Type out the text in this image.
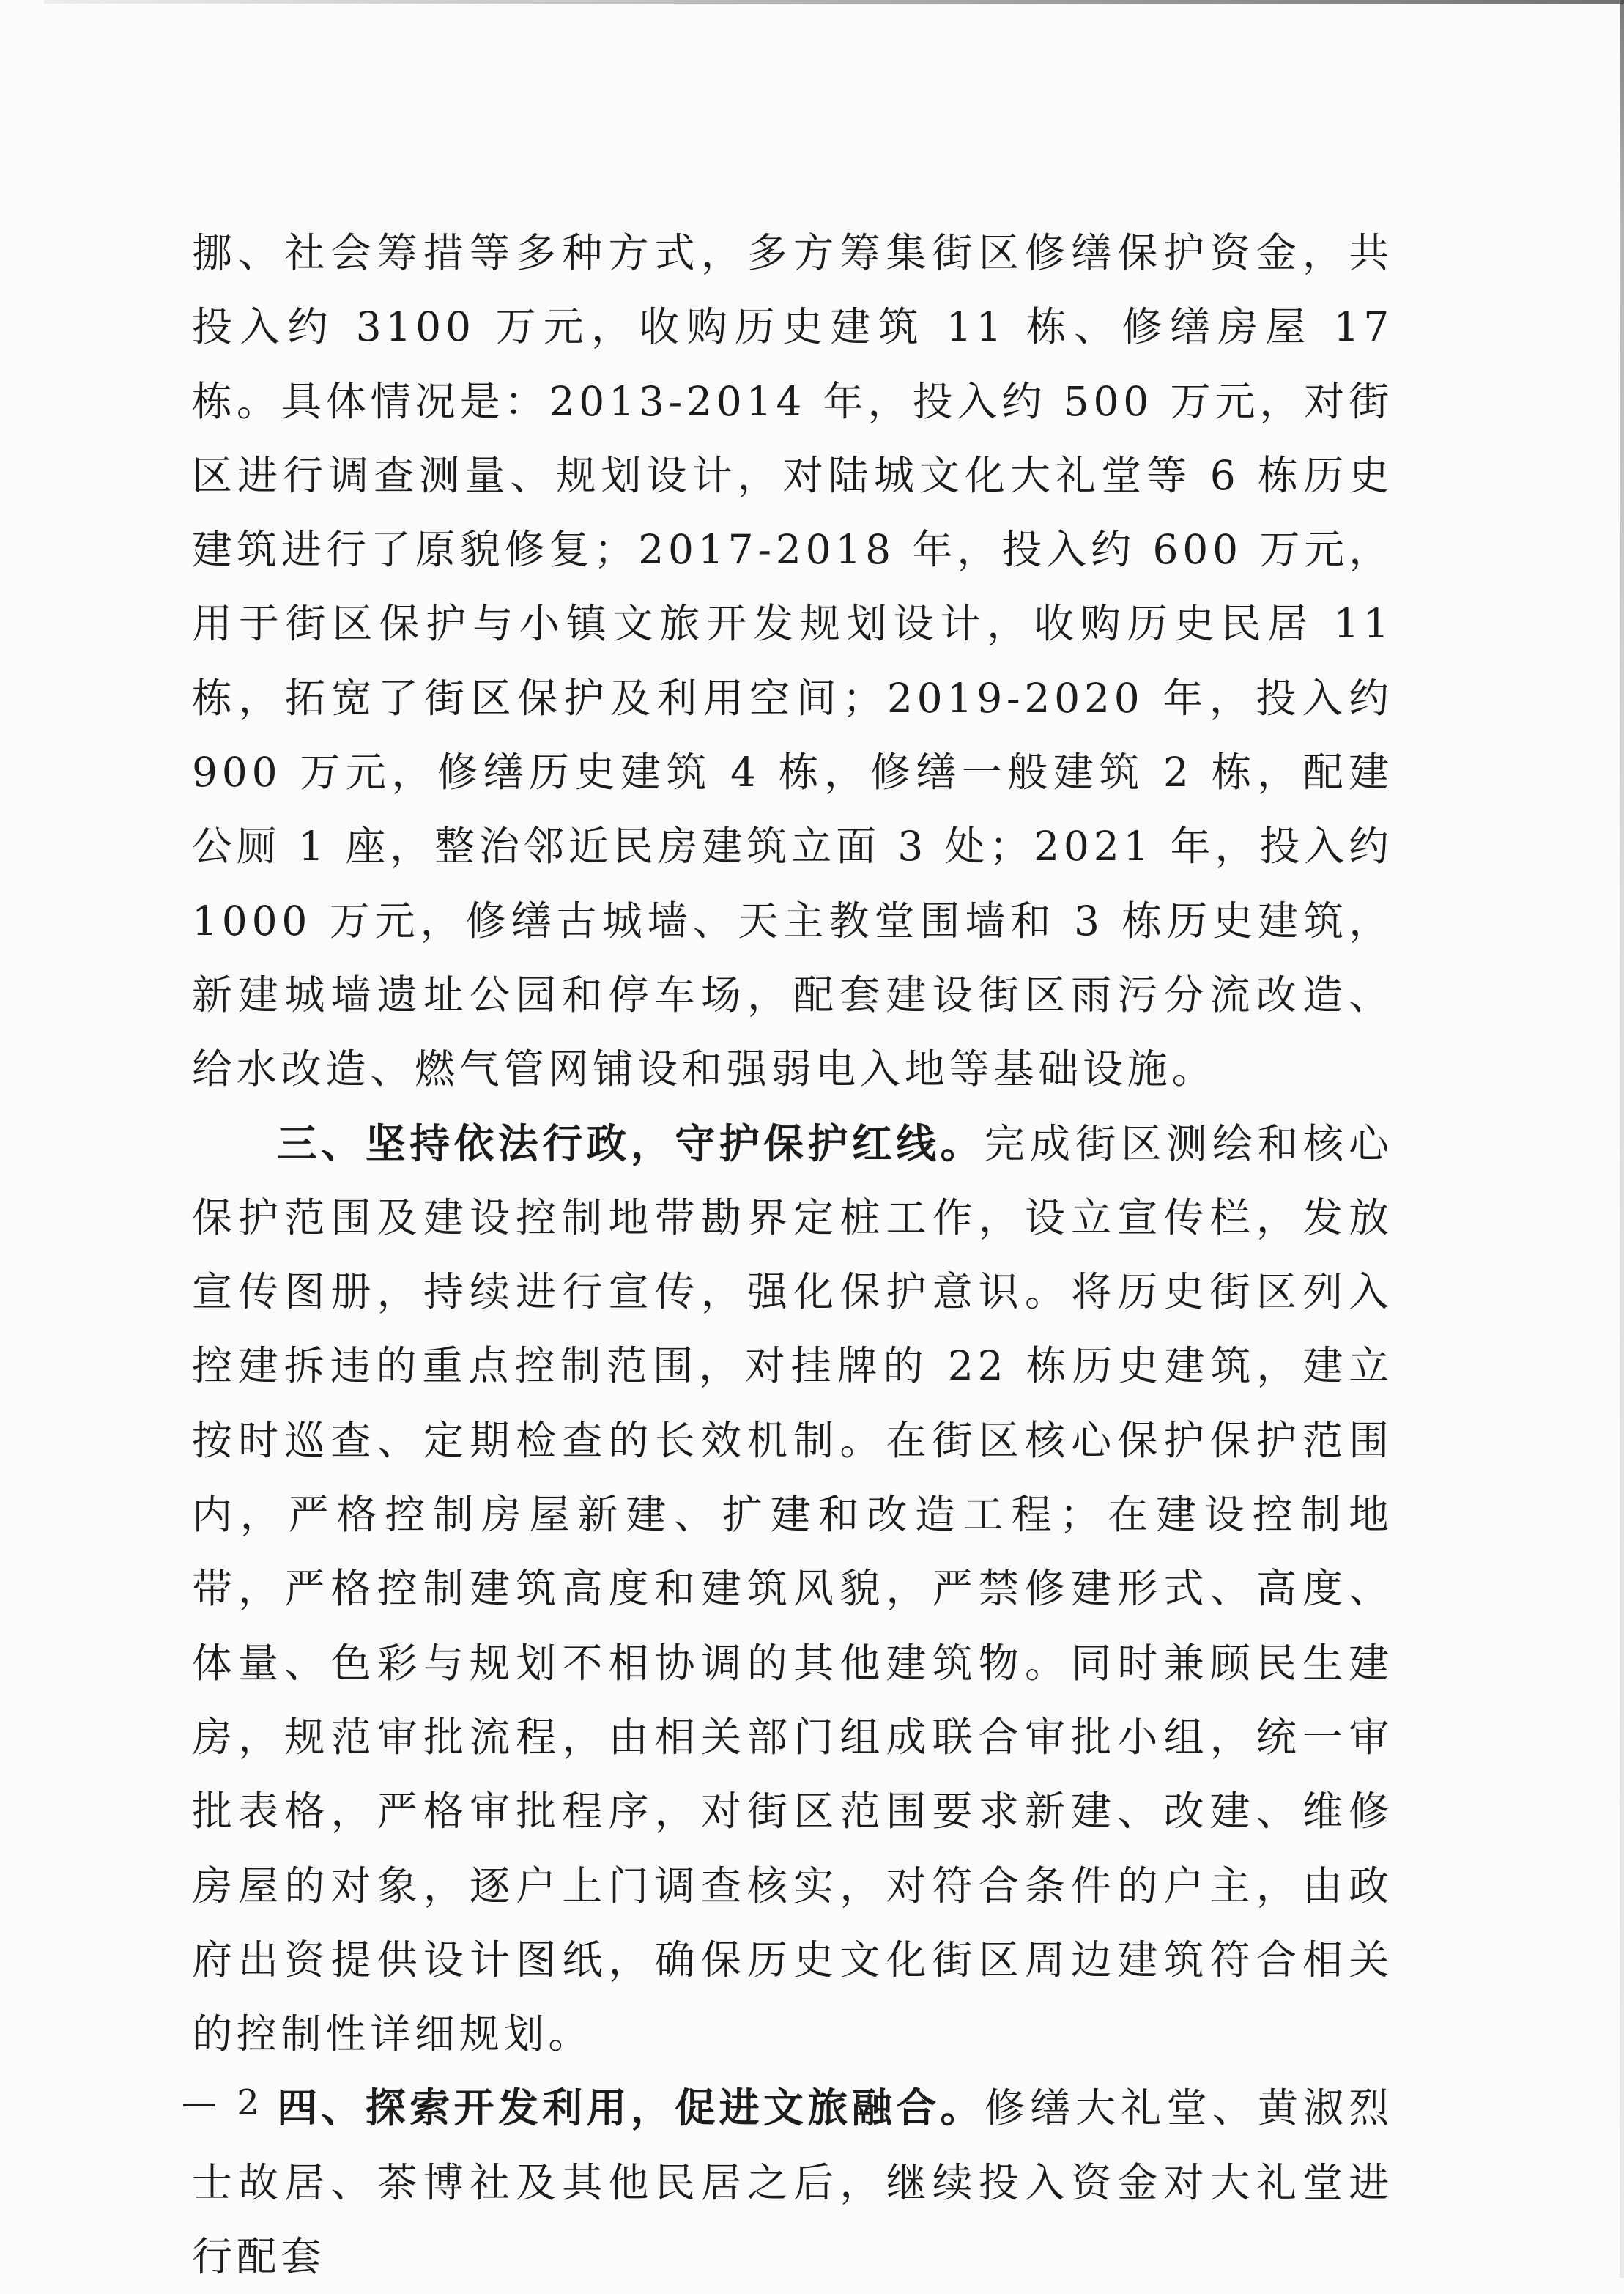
挪、社会筹措等多种方式，多方筹集街区修缮保护资金，共投入约 3100 万元，收购历史建筑 11 栋、修缮房屋 17 栋。具体情况是：2013-2014 年，投入约 500 万元，对街区进行调查测量、规划设计，对陆城文化大礼堂等 6 栋历史建筑进行了原貌修复；2017-2018 年，投入约 600 万元，用于街区保护与小镇文旅开发规划设计，收购历史民居 11 栋，拓宽了街区保护及利用空间；2019-2020 年，投入约 900 万元，修缮历史建筑 4 栋，修缮一般建筑 2 栋，配建公厕 1 座，整治邻近民房建筑立面 3 处；2021 年，投入约 1000 万元，修缮古城墙、天主教堂围墙和 3 栋历史建筑，新建城墙遗址公园和停车场，配套建设街区雨污分流改造、给水改造、燃气管网铺设和强弱电入地等基础设施。

三、坚持依法行政，守护保护红线。完成街区测绘和核心保护范围及建设控制地带勘界定桩工作，设立宣传栏，发放宣传图册，持续进行宣传，强化保护意识。将历史街区列入控建拆违的重点控制范围，对挂牌的 22 栋历史建筑，建立按时巡查、定期检查的长效机制。在街区核心保护保护范围内，严格控制房屋新建、扩建和改造工程；在建设控制地带，严格控制建筑高度和建筑风貌，严禁修建形式、高度、体量、色彩与规划不相协调的其他建筑物。同时兼顾民生建房，规范审批流程，由相关部门组成联合审批小组，统一审批表格，严格审批程序，对街区范围要求新建、改建、维修房屋的对象，逐户上门调查核实，对符合条件的户主，由政府出资提供设计图纸，确保历史文化街区周边建筑符合相关的控制性详细规划。

四、探索开发利用，促进文旅融合。修缮大礼堂、黄淑烈士故居、茶博社及其他民居之后，继续投入资金对大礼堂进行配套

— 2 —
